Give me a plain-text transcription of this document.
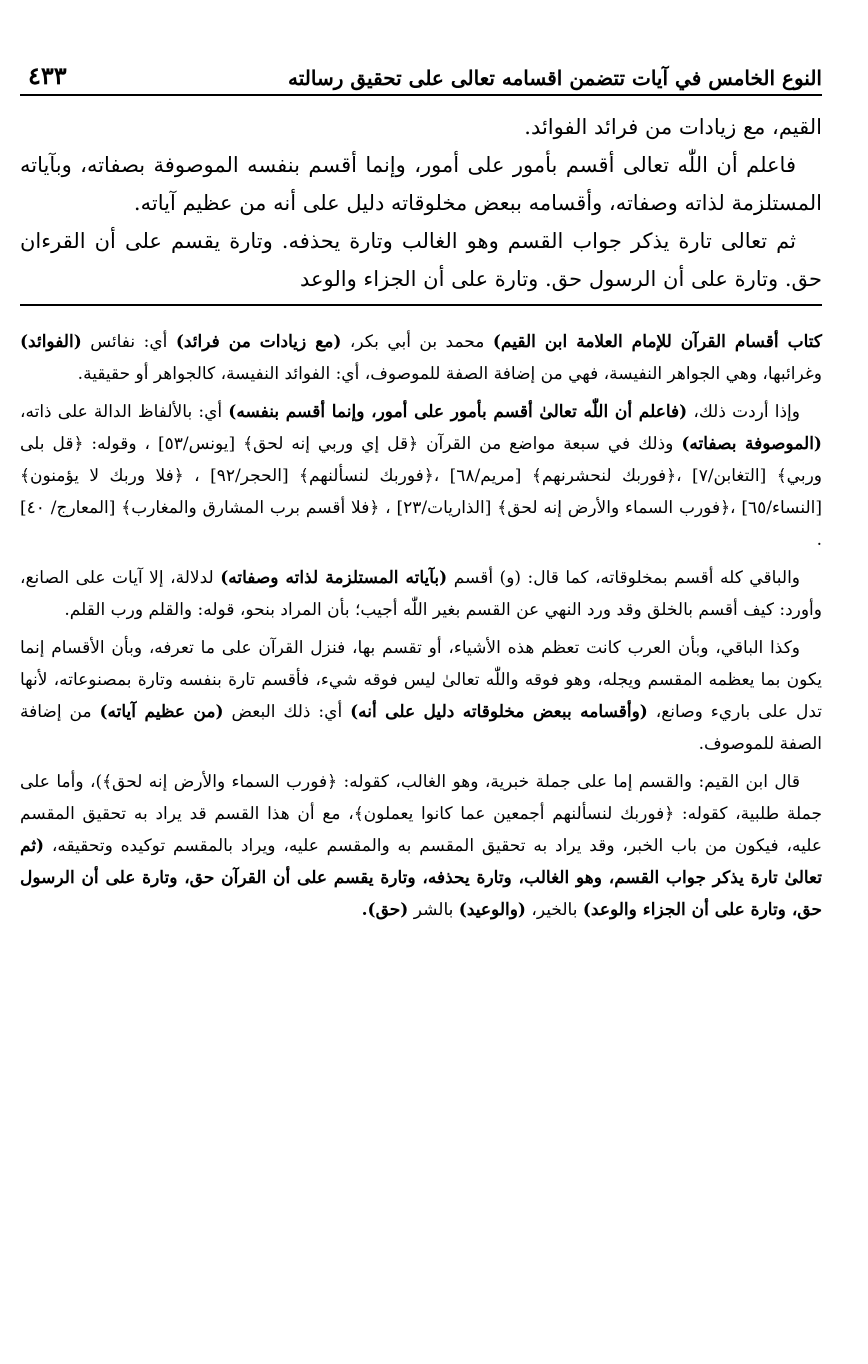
النوع الخامس في آيات تتضمن اقسامه تعالى على تحقيق رسالته
٤٣٣

القيم، مع زيادات من فرائد الفوائد.

فاعلم أن اللّٰه تعالى أقسم بأمور على أمور، وإنما أقسم بنفسه الموصوفة بصفاته، وبآياته المستلزمة لذاته وصفاته، وأقسامه ببعض مخلوقاته دليل على أنه من عظيم آياته.

ثم تعالى تارة يذكر جواب القسم وهو الغالب وتارة يحذفه. وتارة يقسم على أن القرءان حق. وتارة على أن الرسول حق. وتارة على أن الجزاء والوعد

كتاب أقسام القرآن للإمام العلامة ابن القيم) محمد بن أبي بكر، (مع زيادات من فرائد) أي: نفائس (الفوائد) وغرائبها، وهي الجواهر النفيسة، فهي من إضافة الصفة للموصوف، أي: الفوائد النفيسة، كالجواهر أو حقيقية.

وإذا أردت ذلك، (فاعلم أن اللّٰه تعالىٰ أقسم بأمور على أمور، وإنما أقسم بنفسه) أي: بالألفاظ الدالة على ذاته، (الموصوفة بصفاته) وذلك في سبعة مواضع من القرآن ﴿قل إي وربي إنه لحق﴾ [يونس/٥٣] ، وقوله: ﴿قل بلى وربي﴾ [التغابن/٧] ،﴿فوربك لنحشرنهم﴾ [مريم/٦٨] ،﴿فوربك لنسألنهم﴾ [الحجر/٩٢] ، ﴿فلا وربك لا يؤمنون﴾ [النساء/٦٥] ،﴿فورب السماء والأرض إنه لحق﴾ [الذاريات/٢٣] ، ﴿فلا أقسم برب المشارق والمغارب﴾ [المعارج/ ٤٠] .

والباقي كله أقسم بمخلوقاته، كما قال: (و) أقسم (بآياته المستلزمة لذاته وصفاته) لدلالة، إلا آيات على الصانع، وأورد: كيف أقسم بالخلق وقد ورد النهي عن القسم بغير اللّٰه أجيب؛ بأن المراد بنحو، قوله: والقلم ورب القلم.

وكذا الباقي، وبأن العرب كانت تعظم هذه الأشياء، أو تقسم بها، فنزل القرآن على ما تعرفه، وبأن الأقسام إنما يكون بما يعظمه المقسم ويجله، وهو فوقه واللّٰه تعالىٰ ليس فوقه شيء، فأقسم تارة بنفسه وتارة بمصنوعاته، لأنها تدل على باريء وصانع، (وأقسامه ببعض مخلوقاته دليل على أنه) أي: ذلك البعض (من عظيم آياته) من إضافة الصفة للموصوف.

قال ابن القيم: والقسم إما على جملة خبرية، وهو الغالب، كقوله: ﴿فورب السماء والأرض إنه لحق﴾)، وأما على جملة طلبية، كقوله: ﴿فوربك لنسألنهم أجمعين عما كانوا يعملون﴾، مع أن هذا القسم قد يراد به تحقيق المقسم عليه، فيكون من باب الخبر، وقد يراد به تحقيق المقسم به والمقسم عليه، ويراد بالمقسم توكيده وتحقيقه، (ثم تعالىٰ تارة يذكر جواب القسم، وهو الغالب، وتارة يحذفه، وتارة يقسم على أن القرآن حق، وتارة على أن الرسول حق، وتارة على أن الجزاء والوعد) بالخير، (والوعيد) بالشر (حق).
